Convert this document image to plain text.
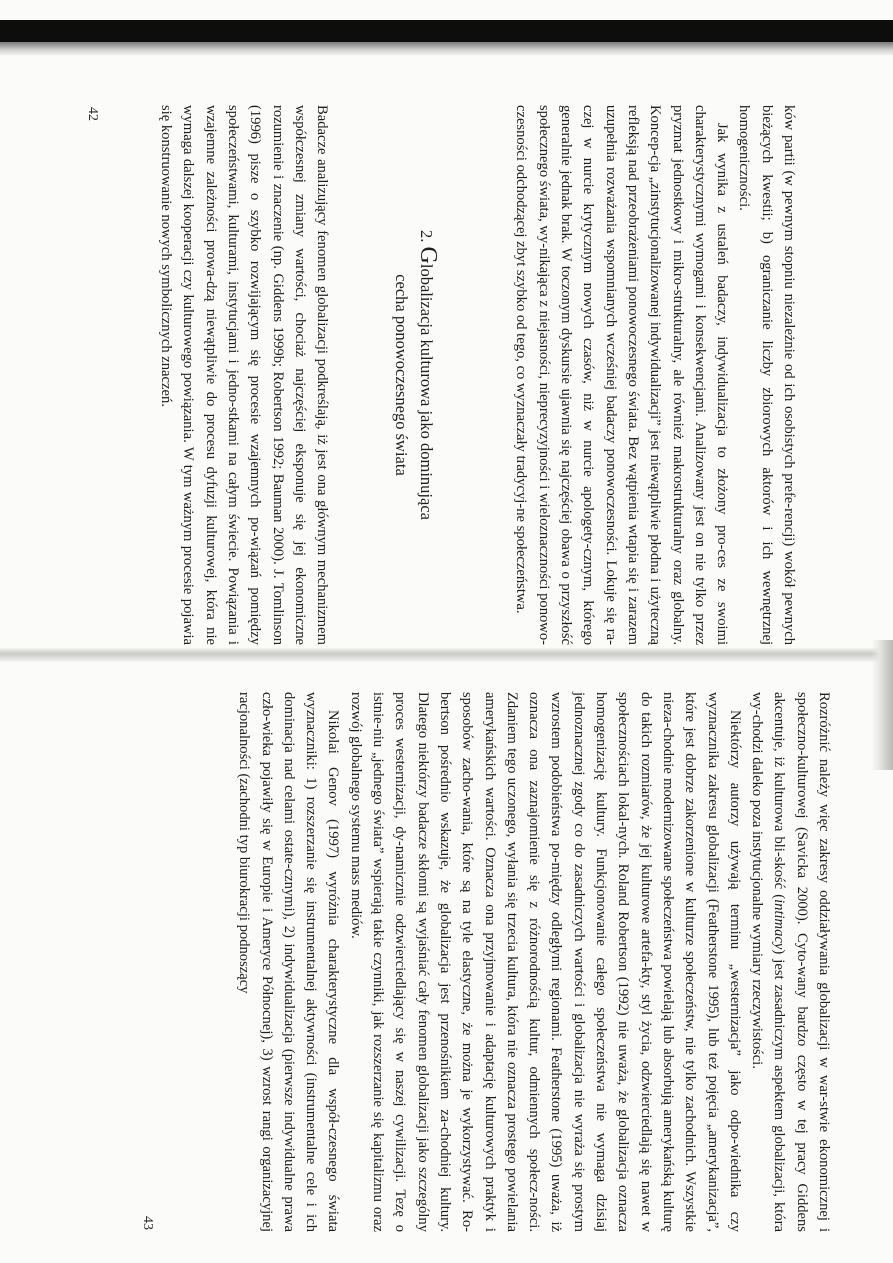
ków partii (w pewnym stopniu niezależnie od ich osobistych prefe-rencji) wokół pewnych bieżących kwestii; b) ograniczanie liczby zbiorowych aktorów i ich wewnętrznej homogeniczności.

Jak wynika z ustaleń badaczy, indywidualizacja to złożony pro-ces ze swoimi charakterystycznymi wymogami i konsekwencjami. Analizowany jest on nie tylko przez pryzmat jednostkowy i mikro-strukturalny, ale również makrostrukturalny oraz globalny. Koncep-cja „zinstytucjonalizowanej indywidualizacji” jest niewątpliwie płodna i użyteczną refleksją nad przeobrażeniami ponowoczesnego świata. Bez wątpienia wtapia się i zarazem uzupełnia rozważania wspomnianych wcześniej badaczy ponowoczesności. Lokuje się ra-czej w nurcie krytycznym nowych czasów, niż w nurcie apologety-cznym, którego generalnie jednak brak. W toczonym dyskursie ujawnia się najczęściej obawa o przyszłość społecznego świata, wy-nikająca z niejasności, nieprecyzyjności i wieloznaczności ponowo-czesności odchodzącej zbyt szybko od tego, co wyznaczały tradycyj-ne społeczeństwa.

2. Globalizacja kulturowa jako dominująca
cecha ponowoczesnego świata

Badacze analizujący fenomen globalizacji podkreślają, iż jest ona głównym mechanizmem współczesnej zmiany wartości, chociaż najczęściej eksponuje się jej ekonomiczne rozumienie i znaczenie (np. Giddens 1999b; Robertson 1992; Bauman 2000). J. Tomlinson (1996) pisze o szybko rozwijającym się procesie wzajemnych po-wiązań pomiędzy społeczeństwami, kulturami, instytucjami i jedno-stkami na całym świecie. Powiązania i wzajemne zależności prowa-dzą niewątpliwie do procesu dyfuzji kulturowej, która nie wymaga dalszej kooperacji czy kulturowego powiązania. W tym ważnym procesie pojawia się konstruowanie nowych symbolicznych znaczeń.

42

Rozróżnić należy więc zakresy oddziaływania globalizacji w war-stwie ekonomicznej i społeczno-kulturowej (Savicka 2000). Cyto-wany bardzo często w tej pracy Giddens akcentuje, iż kulturowa bli-skość (intimacy) jest zasadniczym aspektem globalizacji, która wy-chodzi daleko poza instytucjonalne wymiary rzeczywistości.

Niektórzy autorzy używają terminu „westernizacja” jako odpo-wiednika czy wyznacznika zakresu globalizacji (Featherstone 1995), lub też pojęcia „amerykanizacja”, które jest dobrze zakorzenione w kulturze społeczeństw, nie tylko zachodnich. Wszystkie nieza-chodnie modernizowane społeczeństwa powielają lub absorbują amerykańską kulturę do takich rozmiarów, że jej kulturowe artefa-kty, styl życia, odzwierciedlają się nawet w społecznościach lokal-nych. Roland Robertson (1992) nie uważa, że globalizacja oznacza homogenizację kultury. Funkcjonowanie całego społeczeństwa nie wymaga dzisiaj jednoznacznej zgody co do zasadniczych wartości i globalizacja nie wyraża się prostym wzrostem podobieństwa po-między odległymi regionami. Featherstone (1995) uważa, iż oznacza ona zaznajomienie się z różnorodnością kultur, odmiennych społecz-ności. Zdaniem tego uczonego, wyłania się trzecia kultura, która nie oznacza prostego powielania amerykańskich wartości. Oznacza ona przyjmowanie i adaptację kulturowych praktyk i sposobów zacho-wania, które są na tyle elastyczne, że można je wykorzystywać. Ro-bertson pośrednio wskazuje, że globalizacja jest przenośnikiem za-chodniej kultury. Dlatego niektórzy badacze skłonni są wyjaśniać cały fenomen globalizacji jako szczególny proces westernizacji, dy-namicznie odzwierciedlający się w naszej cywilizacji. Tezę o istnie-niu „jednego świata” wspierają takie czynniki, jak rozszerzanie się kapitalizmu oraz rozwój globalnego systemu mass mediów.

Nikolai Genov (1997) wyróżnia charakterystyczne dla współ-czesnego świata wyznaczniki: 1) rozszerzanie się instrumentalnej aktywności (instrumentalne cele i ich dominacja nad celami ostate-cznymi), 2) indywidualizacja (pierwsze indywidualne prawa czło-wieka pojawiły się w Europie i Ameryce Północnej), 3) wzrost rangi organizacyjnej racjonalności (zachodni typ biurokracji podnoszący

43
